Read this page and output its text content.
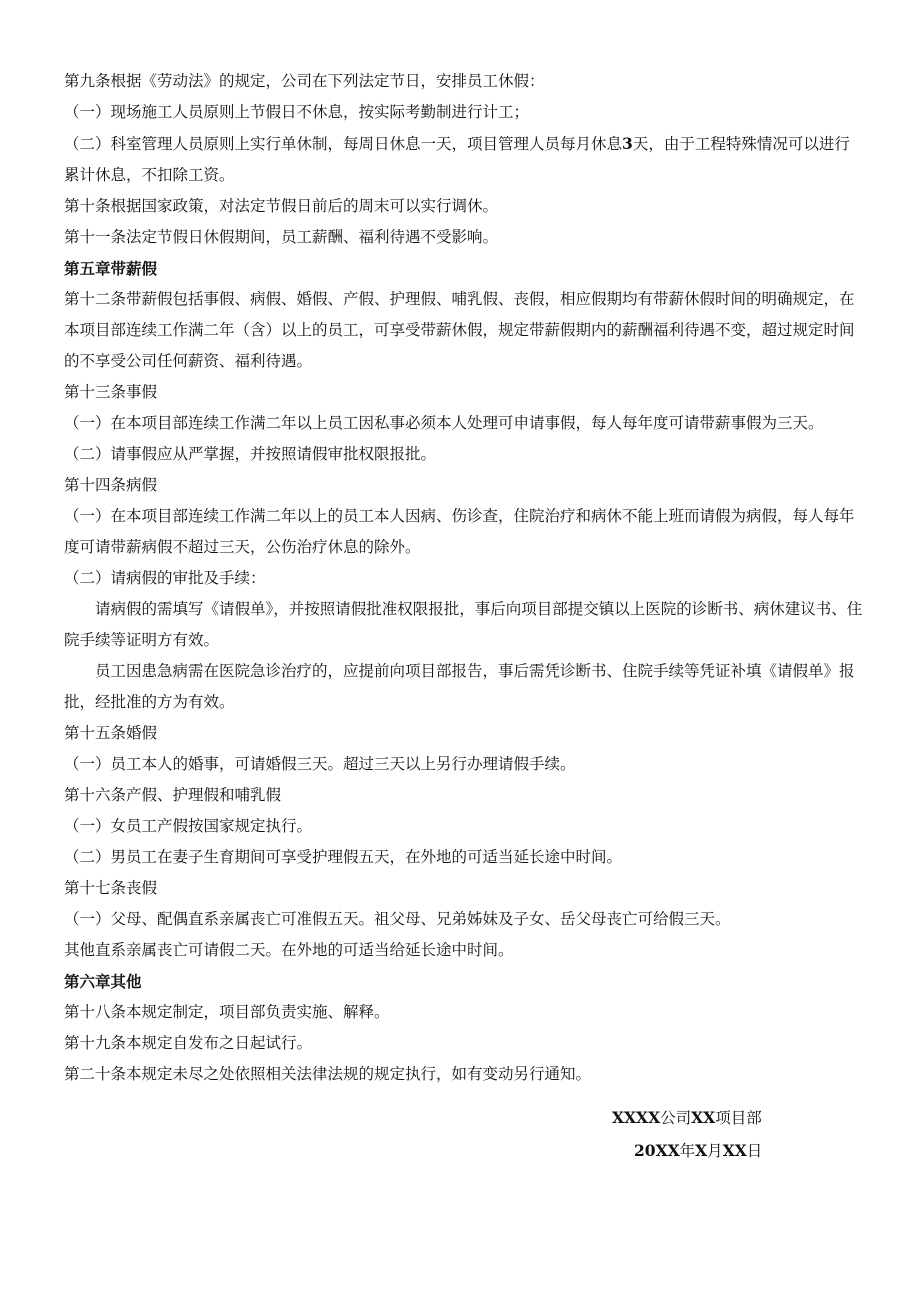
第九条根据《劳动法》的规定，公司在下列法定节日，安排员工休假：

（一）现场施工人员原则上节假日不休息，按实际考勤制进行计工；

（二）科室管理人员原则上实行单休制，每周日休息一天，项目管理人员每月休息3天，由于工程特殊情况可以进行累计休息，不扣除工资。

第十条根据国家政策，对法定节假日前后的周末可以实行调休。

第十一条法定节假日休假期间，员工薪酬、福利待遇不受影响。

第五章带薪假

第十二条带薪假包括事假、病假、婚假、产假、护理假、哺乳假、丧假，相应假期均有带薪休假时间的明确规定，在本项目部连续工作满二年（含）以上的员工，可享受带薪休假，规定带薪假期内的薪酬福利待遇不变，超过规定时间的不享受公司任何薪资、福利待遇。

第十三条事假

（一）在本项目部连续工作满二年以上员工因私事必须本人处理可申请事假，每人每年度可请带薪事假为三天。

（二）请事假应从严掌握，并按照请假审批权限报批。

第十四条病假

（一）在本项目部连续工作满二年以上的员工本人因病、伤诊查，住院治疗和病休不能上班而请假为病假，每人每年度可请带薪病假不超过三天，公伤治疗休息的除外。

（二）请病假的审批及手续：

请病假的需填写《请假单》，并按照请假批准权限报批，事后向项目部提交镇以上医院的诊断书、病休建议书、住院手续等证明方有效。

员工因患急病需在医院急诊治疗的，应提前向项目部报告，事后需凭诊断书、住院手续等凭证补填《请假单》报批，经批准的方为有效。

第十五条婚假

（一）员工本人的婚事，可请婚假三天。超过三天以上另行办理请假手续。

第十六条产假、护理假和哺乳假

（一）女员工产假按国家规定执行。

（二）男员工在妻子生育期间可享受护理假五天，在外地的可适当延长途中时间。

第十七条丧假

（一）父母、配偶直系亲属丧亡可准假五天。祖父母、兄弟姊妹及子女、岳父母丧亡可给假三天。

其他直系亲属丧亡可请假二天。在外地的可适当给延长途中时间。

第六章其他

第十八条本规定制定，项目部负责实施、解释。

第十九条本规定自发布之日起试行。

第二十条本规定未尽之处依照相关法律法规的规定执行，如有变动另行通知。

XXXX公司XX项目部
20XX年X月XX日
